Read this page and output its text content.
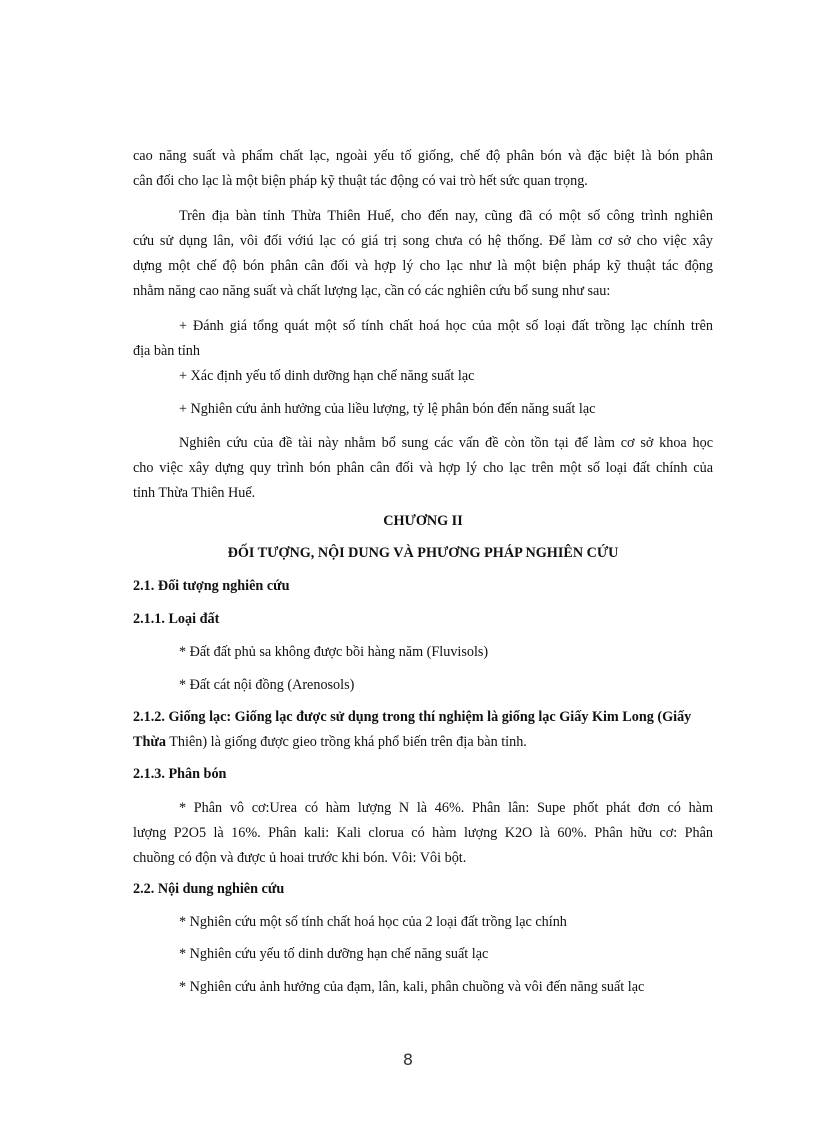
cao năng suất và phẩm chất lạc, ngoài yếu tố giống, chế độ phân bón và đặc biệt là bón phân
cân đối cho lạc là một biện pháp kỹ thuật tác động có vai trò hết sức quan trọng.
Trên địa bàn tỉnh Thừa Thiên Huế, cho đến nay, cũng đã có một số công trình nghiên
cứu sử dụng lân, vôi đối vớiú lạc có giá trị song chưa có hệ thống. Để làm cơ sở cho việc xây
dựng một chế độ bón phân cân đối và hợp lý cho lạc như là một biện pháp kỹ thuật tác động
nhằm năng cao năng suất và chất lượng lạc, cần có các nghiên cứu bổ sung như sau:
+ Đánh giá tổng quát một số tính chất hoá học của một số loại đất trồng lạc chính trên
địa bàn tỉnh
+ Xác định yếu tố dinh dưỡng hạn chế năng suất lạc
+ Nghiên cứu ảnh hưởng của liều lượng, tỷ lệ phân bón đến năng suất lạc
Nghiên cứu của đề tài này nhằm bổ sung các vấn đề còn tồn tại để làm cơ sở khoa học
cho việc xây dựng quy trình bón phân cân đối và hợp lý cho lạc trên một số loại đất chính của
tỉnh Thừa Thiên Huế.
CHƯƠNG II
ĐỐI TƯỢNG, NỘI DUNG VÀ PHƯƠNG PHÁP NGHIÊN CỨU
2.1. Đối tượng nghiên cứu
2.1.1. Loại đất
* Đất đất phủ sa không được bồi hàng năm (Fluvisols)
* Đất cát nội đồng (Arenosols)
2.1.2. Giống lạc: Giống lạc được sử dụng trong thí nghiệm là giống lạc Giấy Kim Long (Giấy
Thừa Thiên) là giống được gieo trồng khá phổ biến trên địa bàn tỉnh.
2.1.3. Phân bón
* Phân vô cơ:Urea có hàm lượng N là 46%. Phân lân: Supe phốt phát đơn có hàm
lượng P2O5 là 16%. Phân kali: Kali clorua có hàm lượng K2O là 60%. Phân hữu cơ: Phân
chuồng có độn và được ủ hoai trước khi bón. Vôi: Vôi bột.
2.2. Nội dung nghiên cứu
* Nghiên cứu một số tính chất hoá học của 2 loại đất trồng lạc chính
* Nghiên cứu yếu tố dinh dưỡng hạn chế năng suất lạc
* Nghiên cứu ảnh hưởng của đạm, lân, kali, phân chuồng và vôi đến năng suất lạc
8
